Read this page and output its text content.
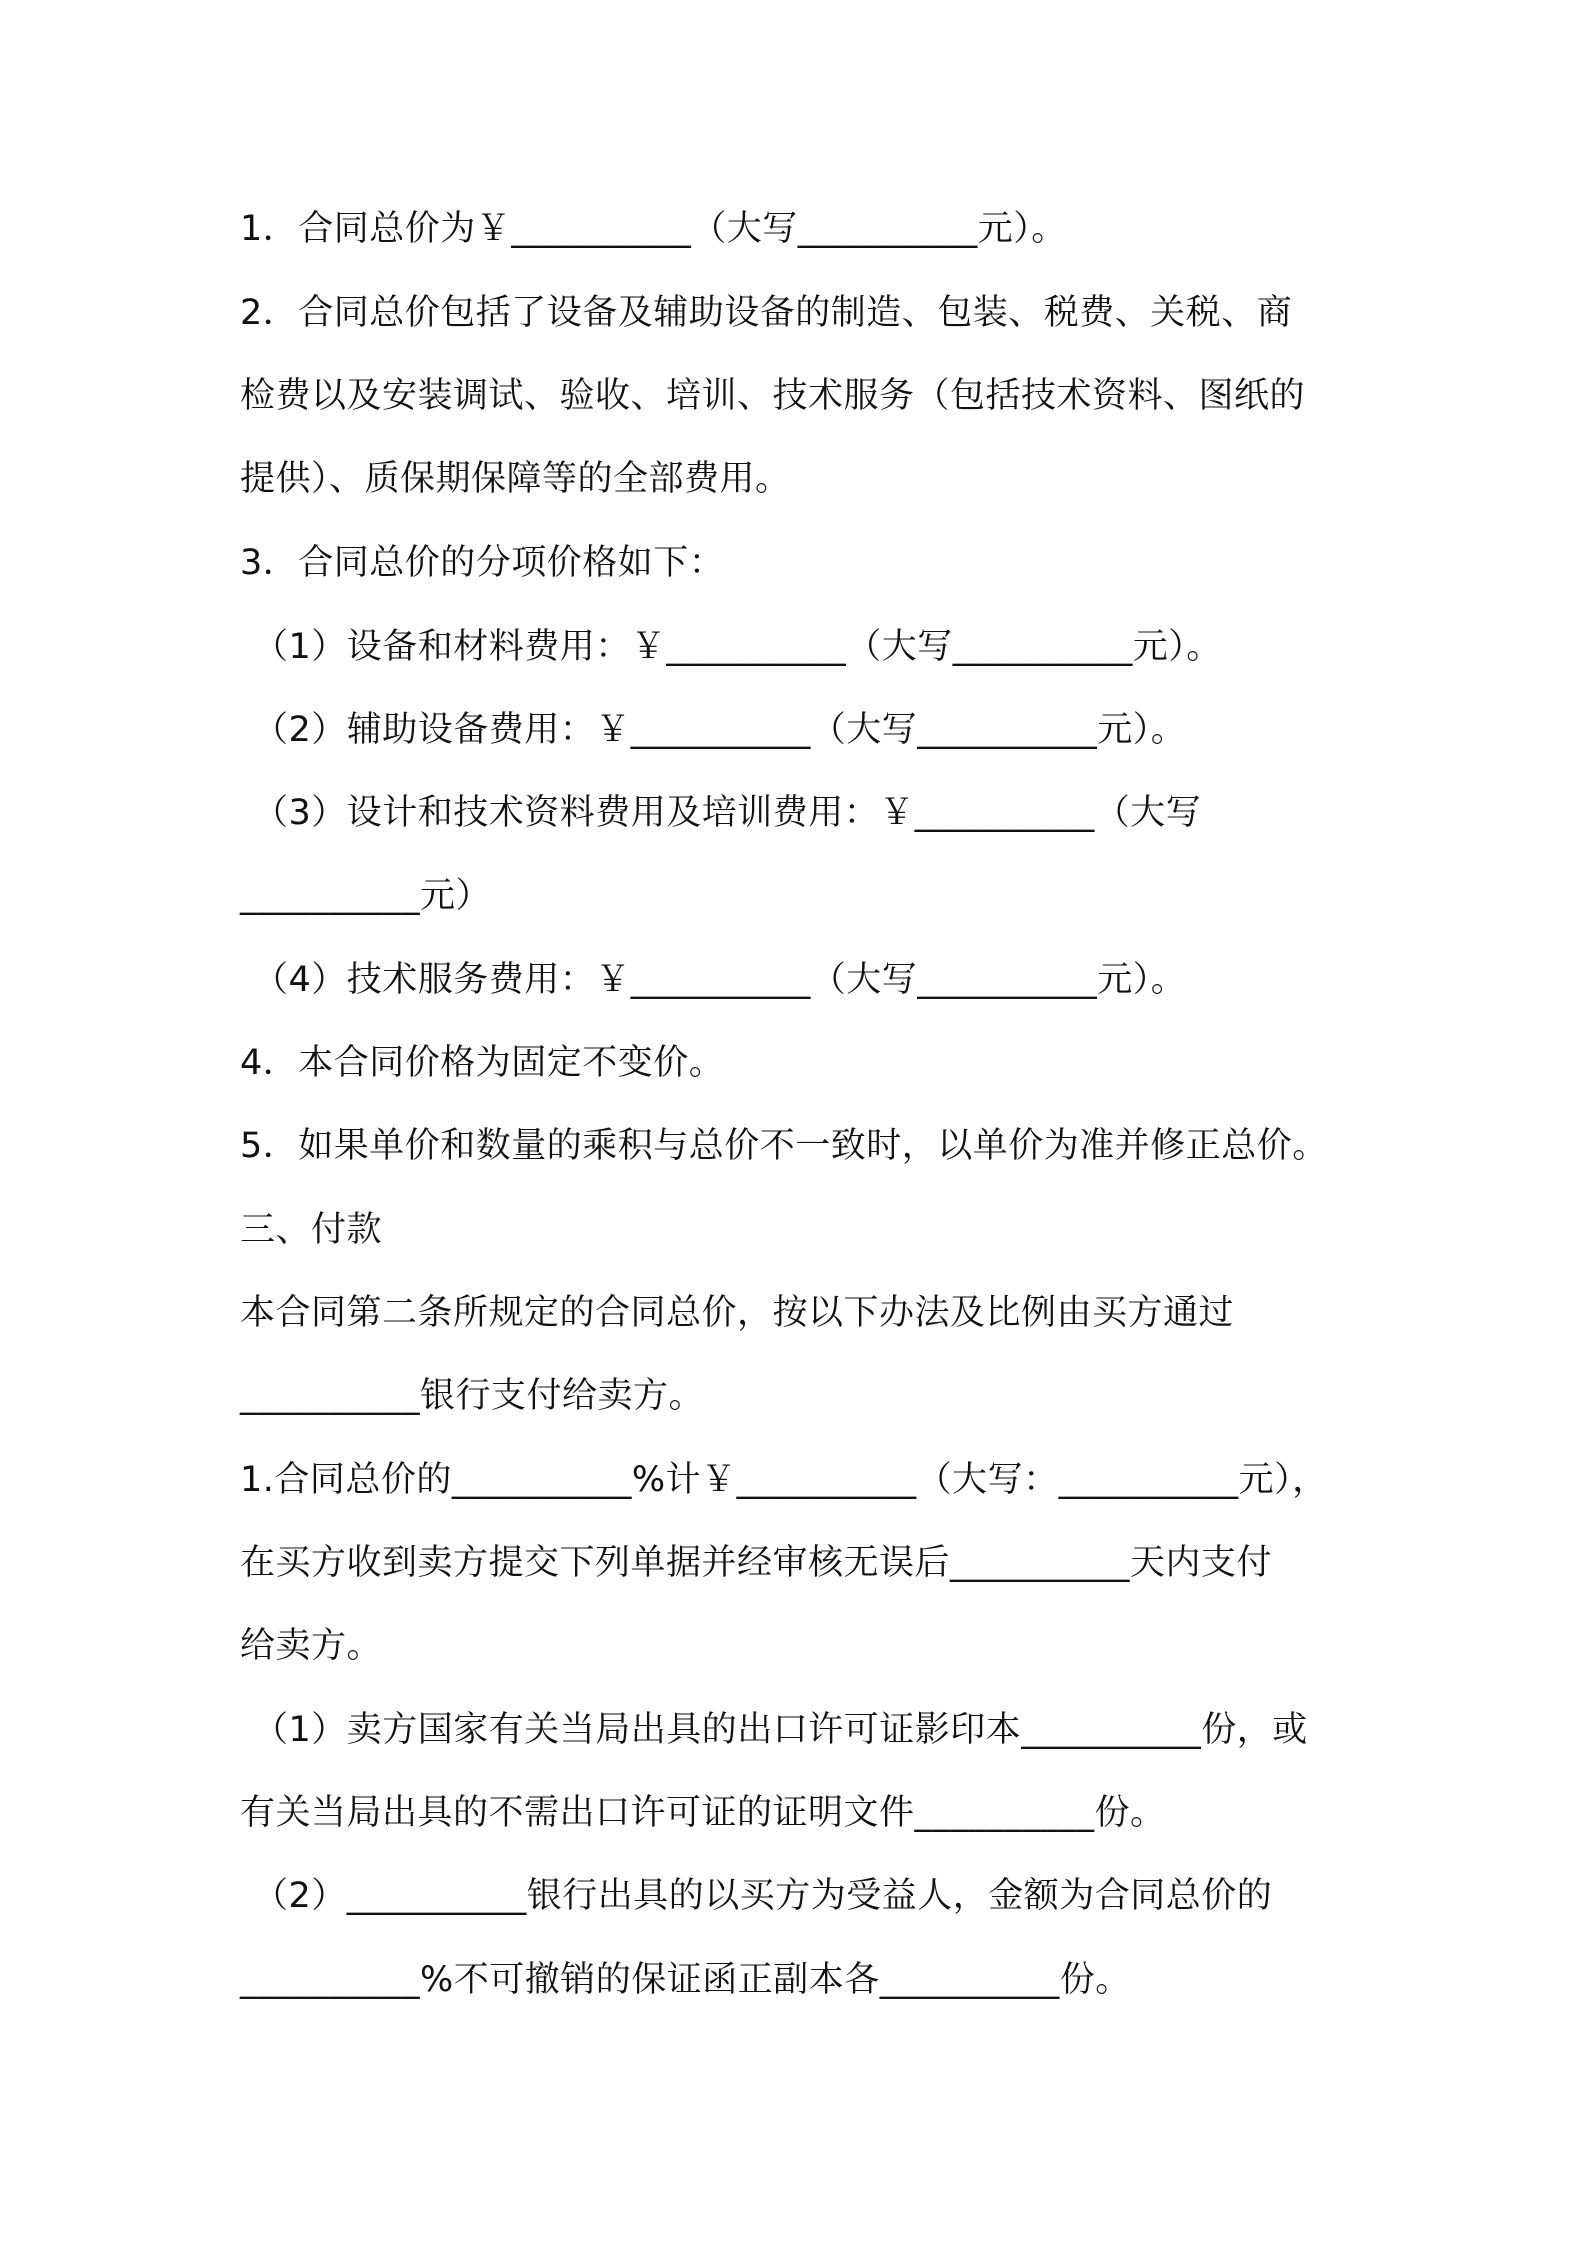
1．合同总价为￥__________（大写__________元）。
2．合同总价包括了设备及辅助设备的制造、包装、税费、关税、商
检费以及安装调试、验收、培训、技术服务（包括技术资料、图纸的
提供）、质保期保障等的全部费用。
3．合同总价的分项价格如下：
（1）设备和材料费用：￥__________（大写__________元）。
（2）辅助设备费用：￥__________（大写__________元）。
（3）设计和技术资料费用及培训费用：￥__________（大写
__________元）
（4）技术服务费用：￥__________（大写__________元）。
4．本合同价格为固定不变价。
5．如果单价和数量的乘积与总价不一致时，以单价为准并修正总价。
三、付款
本合同第二条所规定的合同总价，按以下办法及比例由买方通过
__________银行支付给卖方。
1.合同总价的__________%计￥__________（大写：__________元），
在买方收到卖方提交下列单据并经审核无误后__________天内支付
给卖方。
（1）卖方国家有关当局出具的出口许可证影印本__________份，或
有关当局出具的不需出口许可证的证明文件__________份。
（2）__________银行出具的以买方为受益人，金额为合同总价的
__________%不可撤销的保证函正副本各__________份。
